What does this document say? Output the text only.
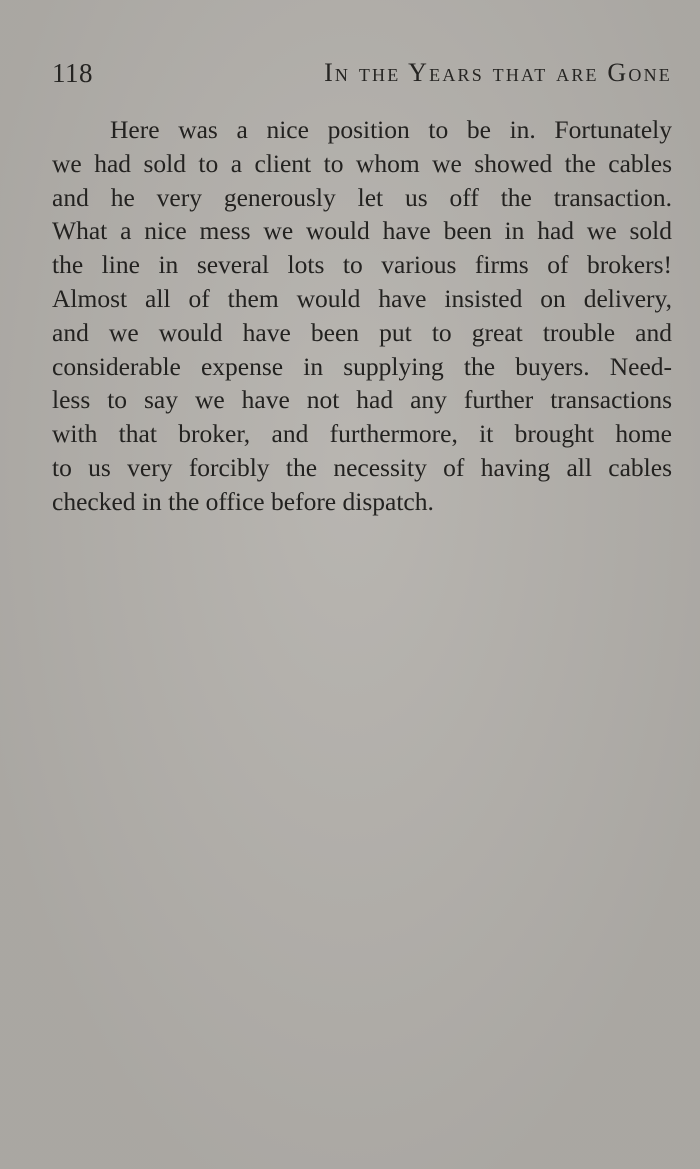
118	In the Years that are Gone
Here was a nice position to be in. Fortunately
we had sold to a client to whom we showed the cables
and he very generously let us off the transaction.
What a nice mess we would have been in had we sold
the line in several lots to various firms of brokers!
Almost all of them would have insisted on delivery,
and we would have been put to great trouble and
considerable expense in supplying the buyers. Need-
less to say we have not had any further transactions
with that broker, and furthermore, it brought home
to us very forcibly the necessity of having all cables
checked in the office before dispatch.
